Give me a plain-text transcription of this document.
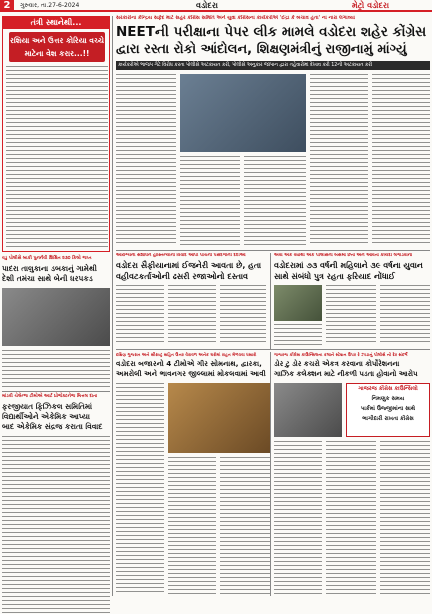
2	ગુરુવાર, તા.27-6-2024	વડોદરા	મેટ્રો વડોદરા
તંત્રી સ્થાનેથી...
રશિયા અને ઉત્તર કોરિયા વચ્ચે માટેના વેશ કરાર...!!
વડુ પોલીસે બાકી પુનર્નવી શિક્ષિત ૨૩૦ કિલો જપ્ત
પાદરા તાલુકાના ડબકાનું ગામેથી
દેશી તમંચા સાથે બેની ધરપકડ
માંડવી ચેલેન્જ ટીમોએ આર્ટ પ્રોજેક્ટનેજ મિત્તલ દાતા
ફરજીયાત ફિઝિકલ સમિતિમાં
વિદ્યાર્થીઓને એકેમિક આપ્યા
બાદ એકેમિક સંદ્રજ કરાતા વિવાદ
સરકારોના કેન્દ્રિય સફેદ માટે સહર કોંગ્રેસ સમિતિ અને યુવા કોંગ્રેસના કાર્યકરોએ 'ઈદ્રા કે બચાવ હતા' ના નારા લગાવ્યા
NEETની પરીક્ષાના પેપર લીક મામલે વડોદરા શહેર કોંગ્રેસ
દ્વારા રસ્તા રોકો આંદોલન, શિક્ષણમંત્રીનું રાજીનામું માંગ્યું
કાર્યકરોએ ભાજપ ગેટે વિરોધ કરતા પોલીસે અટકાયત કરી, પોલીસે અનુકાર જાપાન દ્વારા તહેવારોમાં દેખાવ કરી 12ની અટકાયત કરી
આરોગ્યના સંશોધન હાસ્તિન્યોના વિવાદ આપી પાંચની પસંદગીની દર્દીઓ
વડોદરા સૈફીયાનામાં ઈજનેરી આવતા છે, હતા
વહીવટકર્તાઓની ઢસરી રજાઓનો દસ્તાવ
એવા એક વર્ષોથી એક પોલીસના બેસમાં છતા અને આવતા કાયદા લગાડવાના
વડોદરામાં ૭૩ વર્ષની મહિલાને ૩૯ વર્ષના યુવાન
સાથે સંબંધો પુત્ર રહતા ફરિયાદ નોંધાઈ
ગાજરજ કોંગ્રેસ કાઉન્સિલના કલાને સ્ટેશન ઉપર રે ઝાડાનું પોલીસે નો દેર સંદર્ભે
ડોર ટુ ડોર કચરો એકત્ર કરવાના કોર્પોરેશનના
ગાઝિક કલેક્શન માટે નીકળી પડતા હોવાનો આરોપ
દક્ષિણ ગુજરાત અને સૌરાષ્ટ્ર સહિત ઉત્તર વેરાવળ અનેક ઘરોમાં રાહત મેળવવા ધસારો
વડોદરા બજારનો 4 ટીમોએ ગીર સોમનાથ, દ્વારકા,
અમરોલી અને ભાવનગર જીલ્લામાં મોકલવામાં આવી
ગાજરજ કોંગ્રેસ કાઉન્સિલો
નિમણુક સમય
પાર્કમાં ઉજ્જીમાંના સાથે
ભાગીદારી રાખતા કોંગ્રેસ
